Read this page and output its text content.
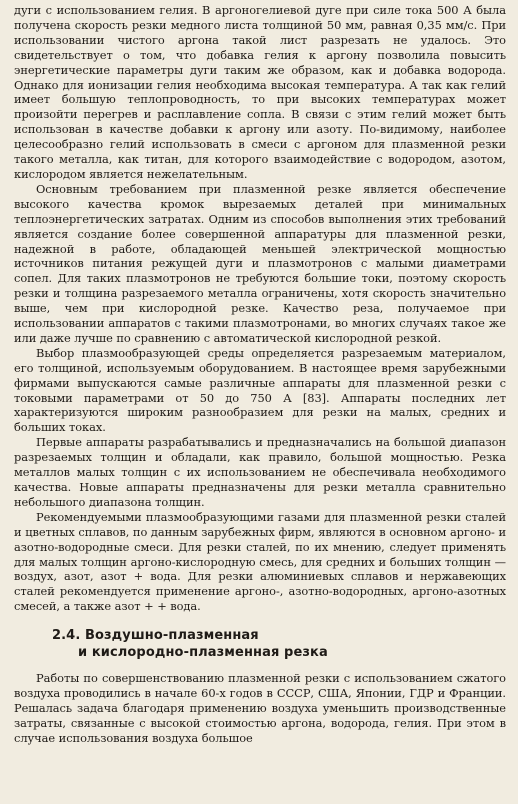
дуги с использованием гелия. В аргоногелиевой дуге при силе тока 500 А была получена скорость резки медного листа толщиной 50 мм, равная 0,35 мм/с. При использовании чистого аргона такой лист разрезать не удалось. Это свидетельствует о том, что добавка гелия к аргону позволила повысить энергетические параметры дуги таким же образом, как и добавка водорода. Однако для ионизации гелия необходима высокая температура. А так как гелий имеет большую теплопроводность, то при высоких температурах может произойти перегрев и расплавление сопла. В связи с этим гелий может быть использован в качестве добавки к аргону или азоту. По-видимому, наиболее целесообразно гелий использовать в смеси с аргоном для плазменной резки такого металла, как титан, для которого взаимодействие с водородом, азотом, кислородом является нежелательным.

Основным требованием при плазменной резке является обеспечение высокого качества кромок вырезаемых деталей при минимальных теплоэнергетических затратах. Одним из способов выполнения этих требований является создание более совершенной аппаратуры для плазменной резки, надежной в работе, обладающей меньшей электрической мощностью источников питания режущей дуги и плазмотронов с малыми диаметрами сопел. Для таких плазмотронов не требуются большие токи, поэтому скорость резки и толщина разрезаемого металла ограничены, хотя скорость значительно выше, чем при кислородной резке. Качество реза, получаемое при использовании аппаратов с такими плазмотронами, во многих случаях такое же или даже лучше по сравнению с автоматической кислородной резкой.

Выбор плазмообразующей среды определяется разрезаемым материалом, его толщиной, используемым оборудованием. В настоящее время зарубежными фирмами выпускаются самые различные аппараты для плазменной резки с токовыми параметрами от 50 до 750 А [83]. Аппараты последних лет характеризуются широким разнообразием для резки на малых, средних и больших токах.

Первые аппараты разрабатывались и предназначались на большой диапазон разрезаемых толщин и обладали, как правило, большой мощностью. Резка металлов малых толщин с их использованием не обеспечивала необходимого качества. Новые аппараты предназначены для резки металла сравнительно небольшого диапазона толщин.

Рекомендуемыми плазмообразующими газами для плазменной резки сталей и цветных сплавов, по данным зарубежных фирм, являются в основном аргоно- и азотно-водородные смеси. Для резки сталей, по их мнению, следует применять для малых толщин аргоно-кислородную смесь, для средних и больших толщин — воздух, азот, азот + вода. Для резки алюминиевых сплавов и нержавеющих сталей рекомендуется применение аргоно-, азотно-водородных, аргоно-азотных смесей, а также азот + + вода.

2.4. Воздушно-плазменная
и кислородно-плазменная резка

Работы по совершенствованию плазменной резки с использованием сжатого воздуха проводились в начале 60-х годов в СССР, США, Японии, ГДР и Франции. Решалась задача благодаря применению воздуха уменьшить производственные затраты, связанные с высокой стоимостью аргона, водорода, гелия. При этом в случае использования воздуха большое
